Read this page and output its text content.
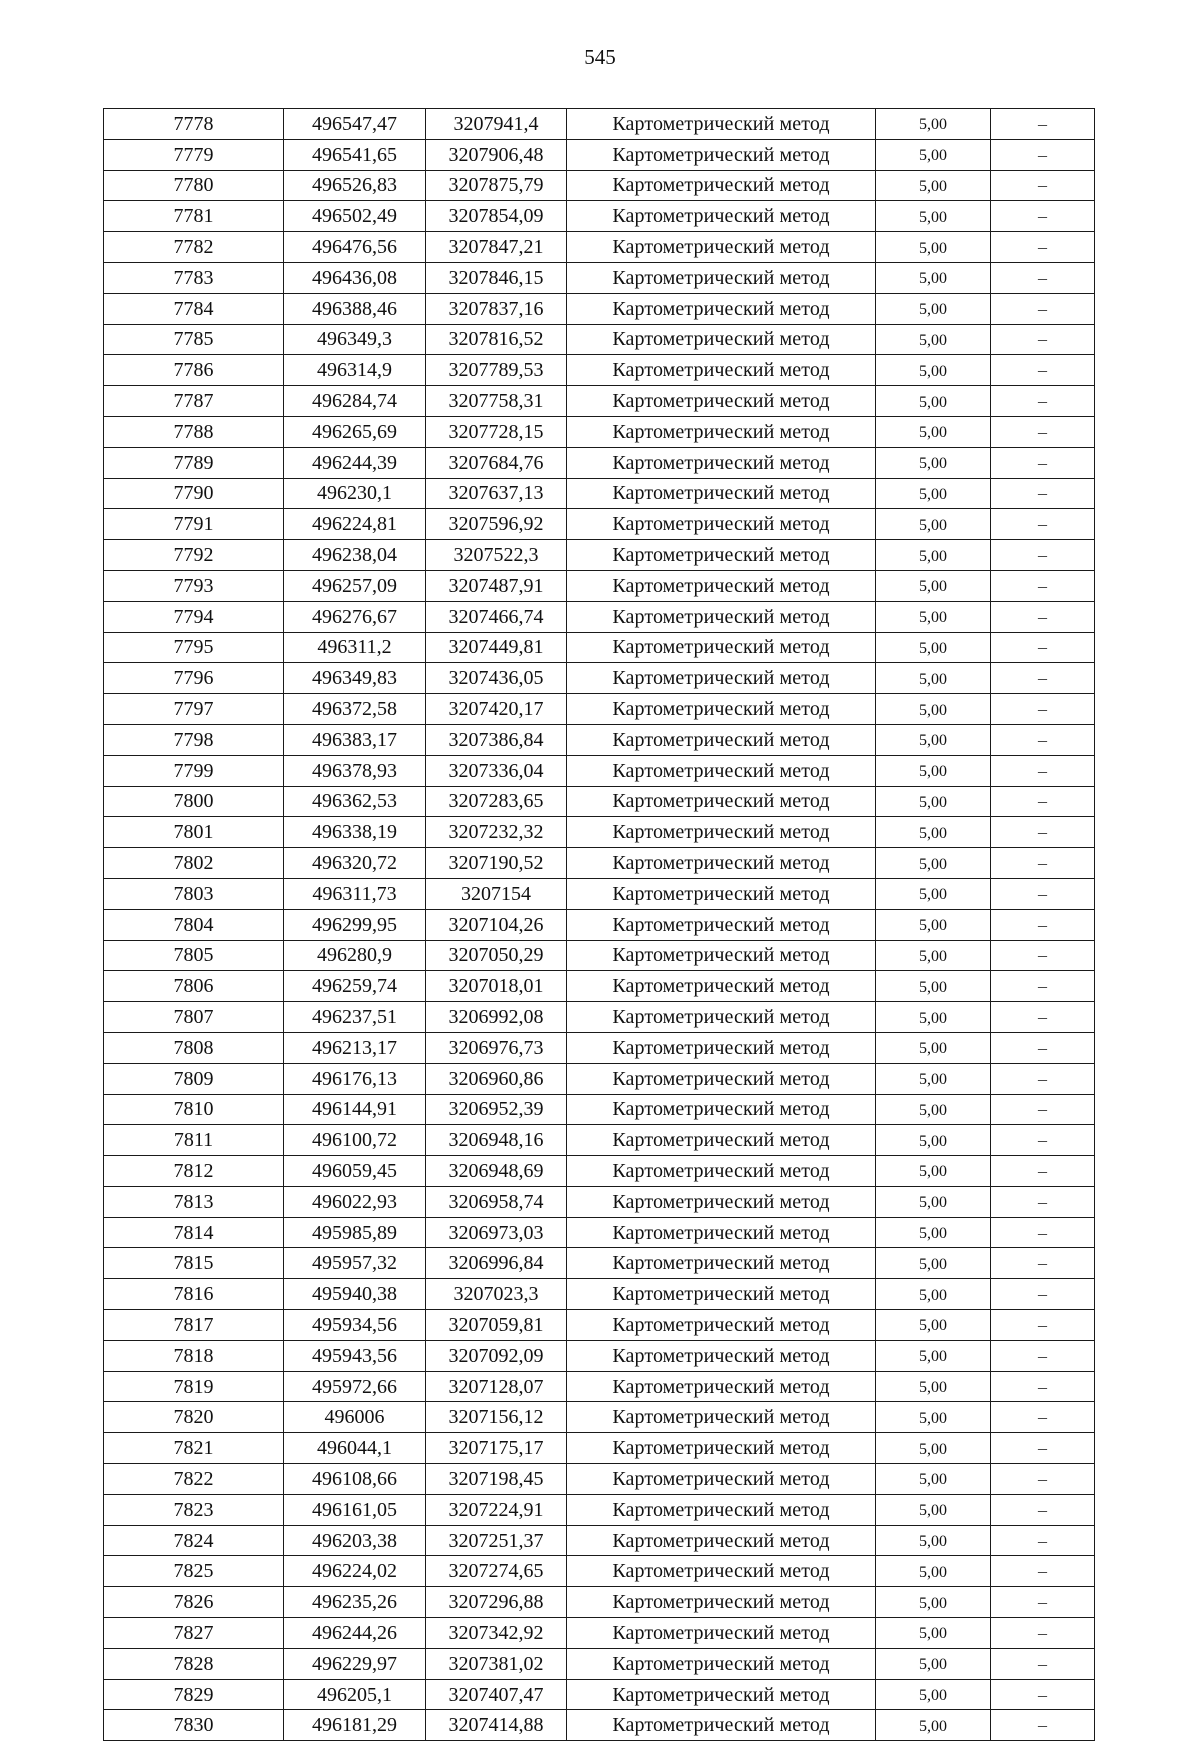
545
7778	496547,47	3207941,4	Картометрический метод	5,00	–
7779	496541,65	3207906,48	Картометрический метод	5,00	–
7780	496526,83	3207875,79	Картометрический метод	5,00	–
7781	496502,49	3207854,09	Картометрический метод	5,00	–
7782	496476,56	3207847,21	Картометрический метод	5,00	–
7783	496436,08	3207846,15	Картометрический метод	5,00	–
7784	496388,46	3207837,16	Картометрический метод	5,00	–
7785	496349,3	3207816,52	Картометрический метод	5,00	–
7786	496314,9	3207789,53	Картометрический метод	5,00	–
7787	496284,74	3207758,31	Картометрический метод	5,00	–
7788	496265,69	3207728,15	Картометрический метод	5,00	–
7789	496244,39	3207684,76	Картометрический метод	5,00	–
7790	496230,1	3207637,13	Картометрический метод	5,00	–
7791	496224,81	3207596,92	Картометрический метод	5,00	–
7792	496238,04	3207522,3	Картометрический метод	5,00	–
7793	496257,09	3207487,91	Картометрический метод	5,00	–
7794	496276,67	3207466,74	Картометрический метод	5,00	–
7795	496311,2	3207449,81	Картометрический метод	5,00	–
7796	496349,83	3207436,05	Картометрический метод	5,00	–
7797	496372,58	3207420,17	Картометрический метод	5,00	–
7798	496383,17	3207386,84	Картометрический метод	5,00	–
7799	496378,93	3207336,04	Картометрический метод	5,00	–
7800	496362,53	3207283,65	Картометрический метод	5,00	–
7801	496338,19	3207232,32	Картометрический метод	5,00	–
7802	496320,72	3207190,52	Картометрический метод	5,00	–
7803	496311,73	3207154	Картометрический метод	5,00	–
7804	496299,95	3207104,26	Картометрический метод	5,00	–
7805	496280,9	3207050,29	Картометрический метод	5,00	–
7806	496259,74	3207018,01	Картометрический метод	5,00	–
7807	496237,51	3206992,08	Картометрический метод	5,00	–
7808	496213,17	3206976,73	Картометрический метод	5,00	–
7809	496176,13	3206960,86	Картометрический метод	5,00	–
7810	496144,91	3206952,39	Картометрический метод	5,00	–
7811	496100,72	3206948,16	Картометрический метод	5,00	–
7812	496059,45	3206948,69	Картометрический метод	5,00	–
7813	496022,93	3206958,74	Картометрический метод	5,00	–
7814	495985,89	3206973,03	Картометрический метод	5,00	–
7815	495957,32	3206996,84	Картометрический метод	5,00	–
7816	495940,38	3207023,3	Картометрический метод	5,00	–
7817	495934,56	3207059,81	Картометрический метод	5,00	–
7818	495943,56	3207092,09	Картометрический метод	5,00	–
7819	495972,66	3207128,07	Картометрический метод	5,00	–
7820	496006	3207156,12	Картометрический метод	5,00	–
7821	496044,1	3207175,17	Картометрический метод	5,00	–
7822	496108,66	3207198,45	Картометрический метод	5,00	–
7823	496161,05	3207224,91	Картометрический метод	5,00	–
7824	496203,38	3207251,37	Картометрический метод	5,00	–
7825	496224,02	3207274,65	Картометрический метод	5,00	–
7826	496235,26	3207296,88	Картометрический метод	5,00	–
7827	496244,26	3207342,92	Картометрический метод	5,00	–
7828	496229,97	3207381,02	Картометрический метод	5,00	–
7829	496205,1	3207407,47	Картометрический метод	5,00	–
7830	496181,29	3207414,88	Картометрический метод	5,00	–
